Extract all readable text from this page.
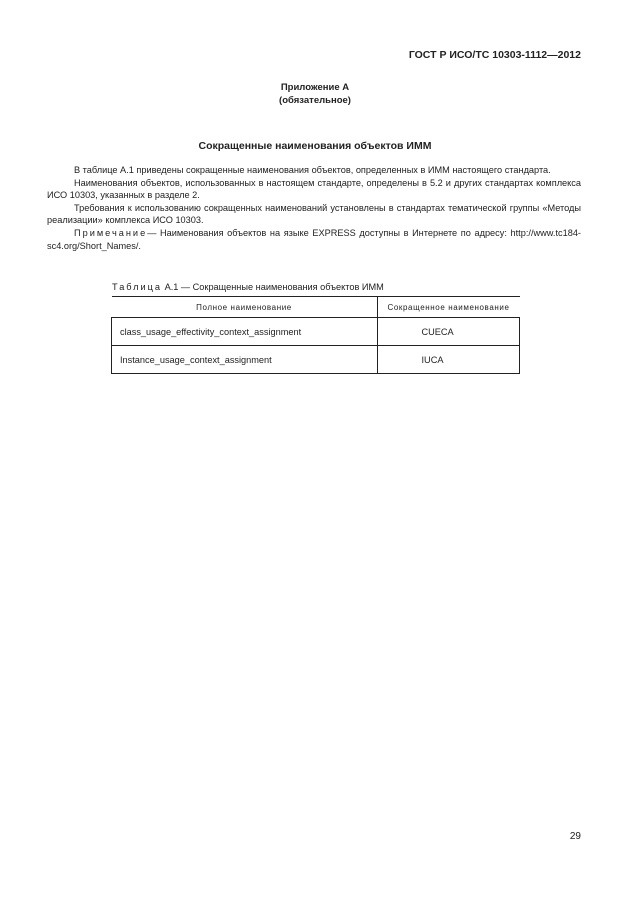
ГОСТ Р ИСО/ТС 10303-1112—2012
Приложение А
(обязательное)
Сокращенные наименования объектов ИММ

В таблице А.1 приведены сокращенные наименования объектов, определенных в ИММ настоящего стандарта.

Наименования объектов, использованных в настоящем стандарте, определены в 5.2 и других стандартах комплекса ИСО 10303, указанных в разделе 2.

Требования к использованию сокращенных наименований установлены в стандартах тематической группы «Методы реализации» комплекса ИСО 10303.

Примечание— Наименования объектов на языке EXPRESS доступны в Интернете по адресу: http://www.tc184-sc4.org/Short_Names/.

Таблица А.1 — Сокращенные наименования объектов ИММ
Полное наименование	Сокращенное наименование
class_usage_effectivity_context_assignment	CUECA
Instance_usage_context_assignment	IUCA
29
